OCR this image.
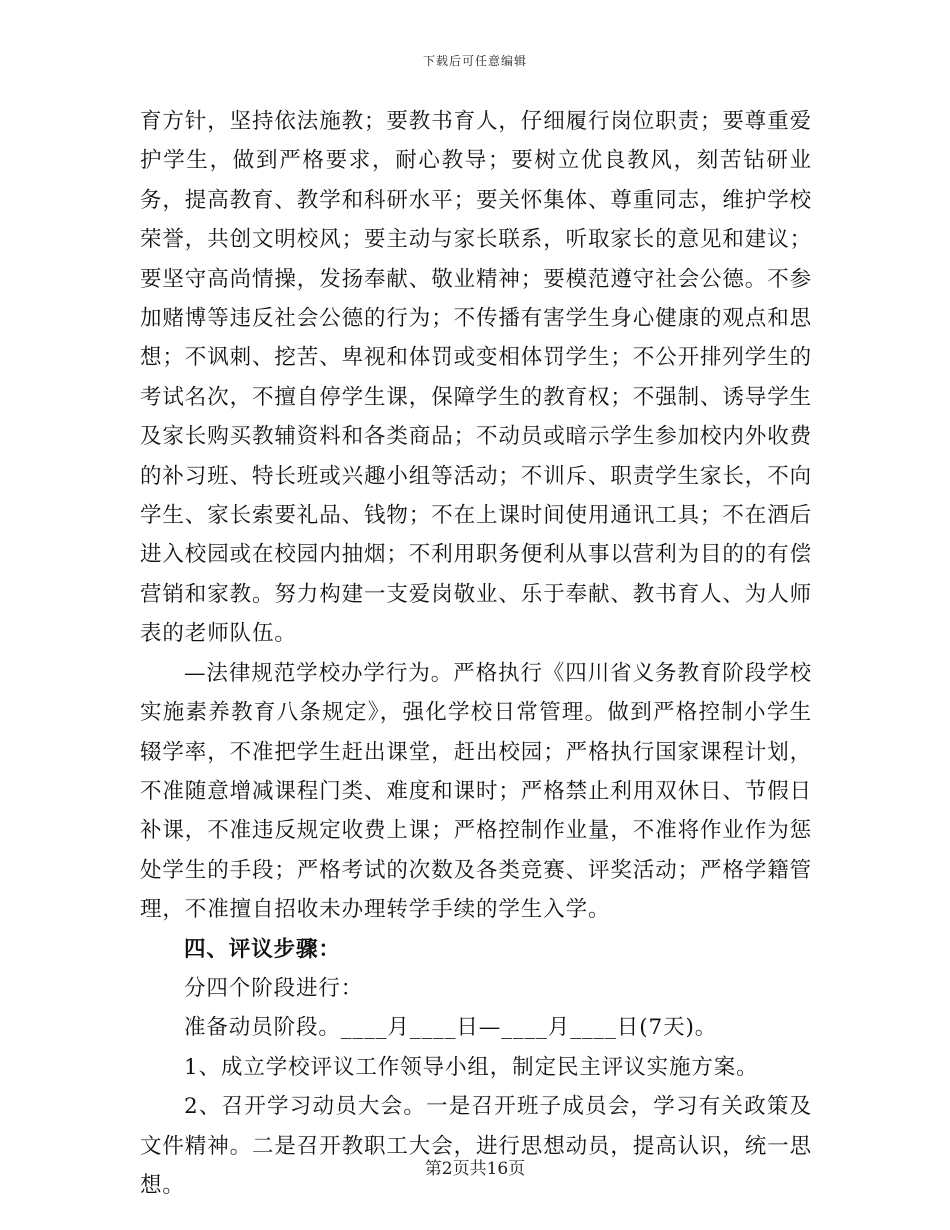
下载后可任意编辑

育方针，坚持依法施教；要教书育人，仔细履行岗位职责；要尊重爱护学生，做到严格要求，耐心教导；要树立优良教风，刻苦钻研业务，提高教育、教学和科研水平；要关怀集体、尊重同志，维护学校荣誉，共创文明校风；要主动与家长联系，听取家长的意见和建议；要坚守高尚情操，发扬奉献、敬业精神；要模范遵守社会公德。不参加赌博等违反社会公德的行为；不传播有害学生身心健康的观点和思想；不讽刺、挖苦、卑视和体罚或变相体罚学生；不公开排列学生的考试名次，不擅自停学生课，保障学生的教育权；不强制、诱导学生及家长购买教辅资料和各类商品；不动员或暗示学生参加校内外收费的补习班、特长班或兴趣小组等活动；不训斥、职责学生家长，不向学生、家长索要礼品、钱物；不在上课时间使用通讯工具；不在酒后进入校园或在校园内抽烟；不利用职务便利从事以营利为目的的有偿营销和家教。努力构建一支爱岗敬业、乐于奉献、教书育人、为人师表的老师队伍。

—法律规范学校办学行为。严格执行《四川省义务教育阶段学校实施素养教育八条规定》，强化学校日常管理。做到严格控制小学生辍学率，不准把学生赶出课堂，赶出校园；严格执行国家课程计划，不准随意增减课程门类、难度和课时；严格禁止利用双休日、节假日补课，不准违反规定收费上课；严格控制作业量，不准将作业作为惩处学生的手段；严格考试的次数及各类竞赛、评奖活动；严格学籍管理，不准擅自招收未办理转学手续的学生入学。

四、评议步骤：

分四个阶段进行：

准备动员阶段。____月____日—____月____日(7天)。

1、成立学校评议工作领导小组，制定民主评议实施方案。

2、召开学习动员大会。一是召开班子成员会，学习有关政策及文件精神。二是召开教职工大会，进行思想动员，提高认识，统一思想。

第2页共16页
